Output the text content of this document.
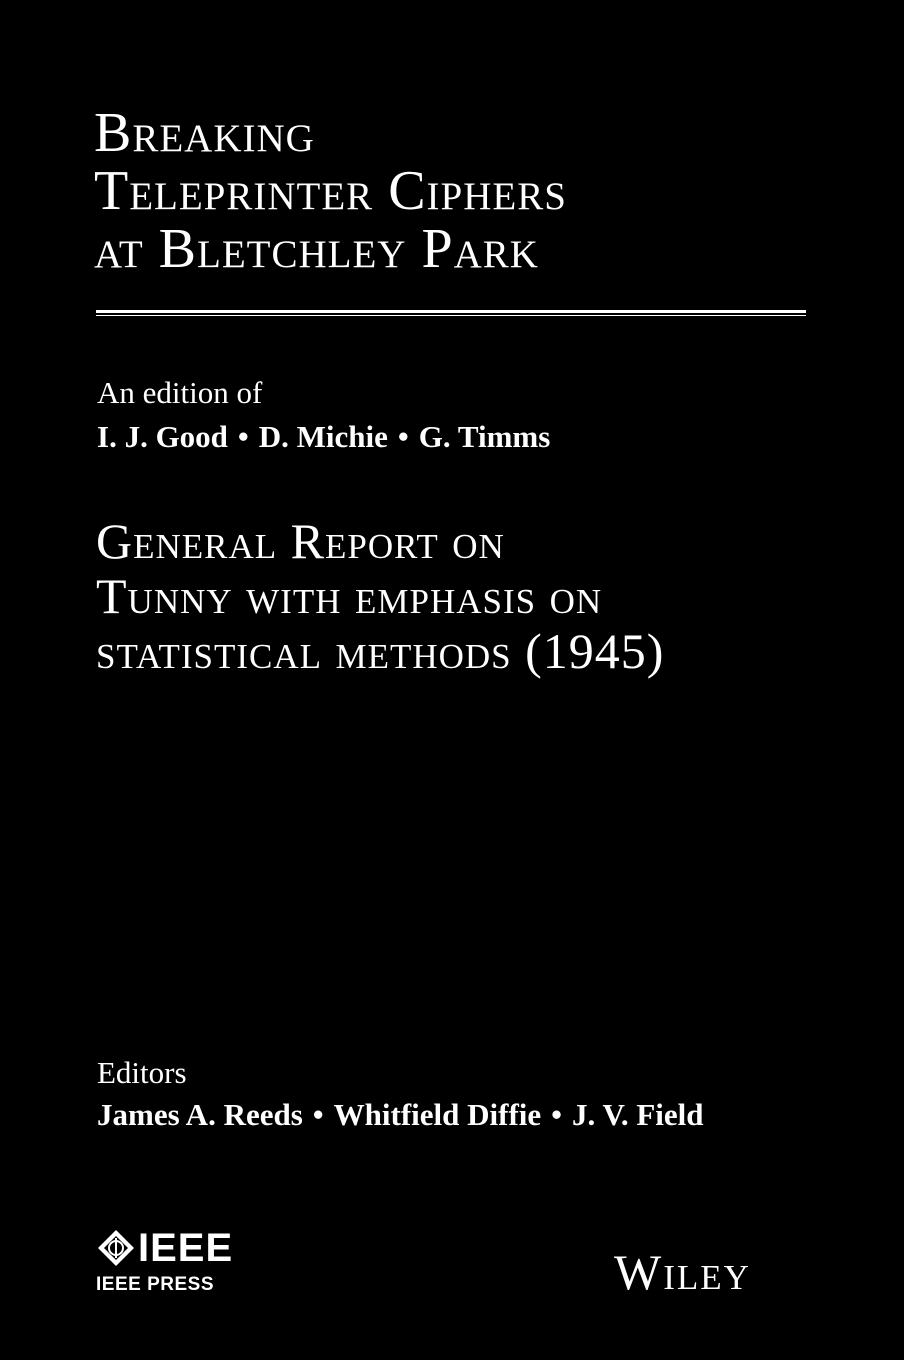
Breaking
Teleprinter Ciphers
at Bletchley Park
An edition of
I. J. Good • D. Michie • G. Timms
General Report on
Tunny with emphasis on
statistical methods (1945)
Editors
James A. Reeds • Whitfield Diffie • J. V. Field
IEEE
IEEE PRESS	Wiley
